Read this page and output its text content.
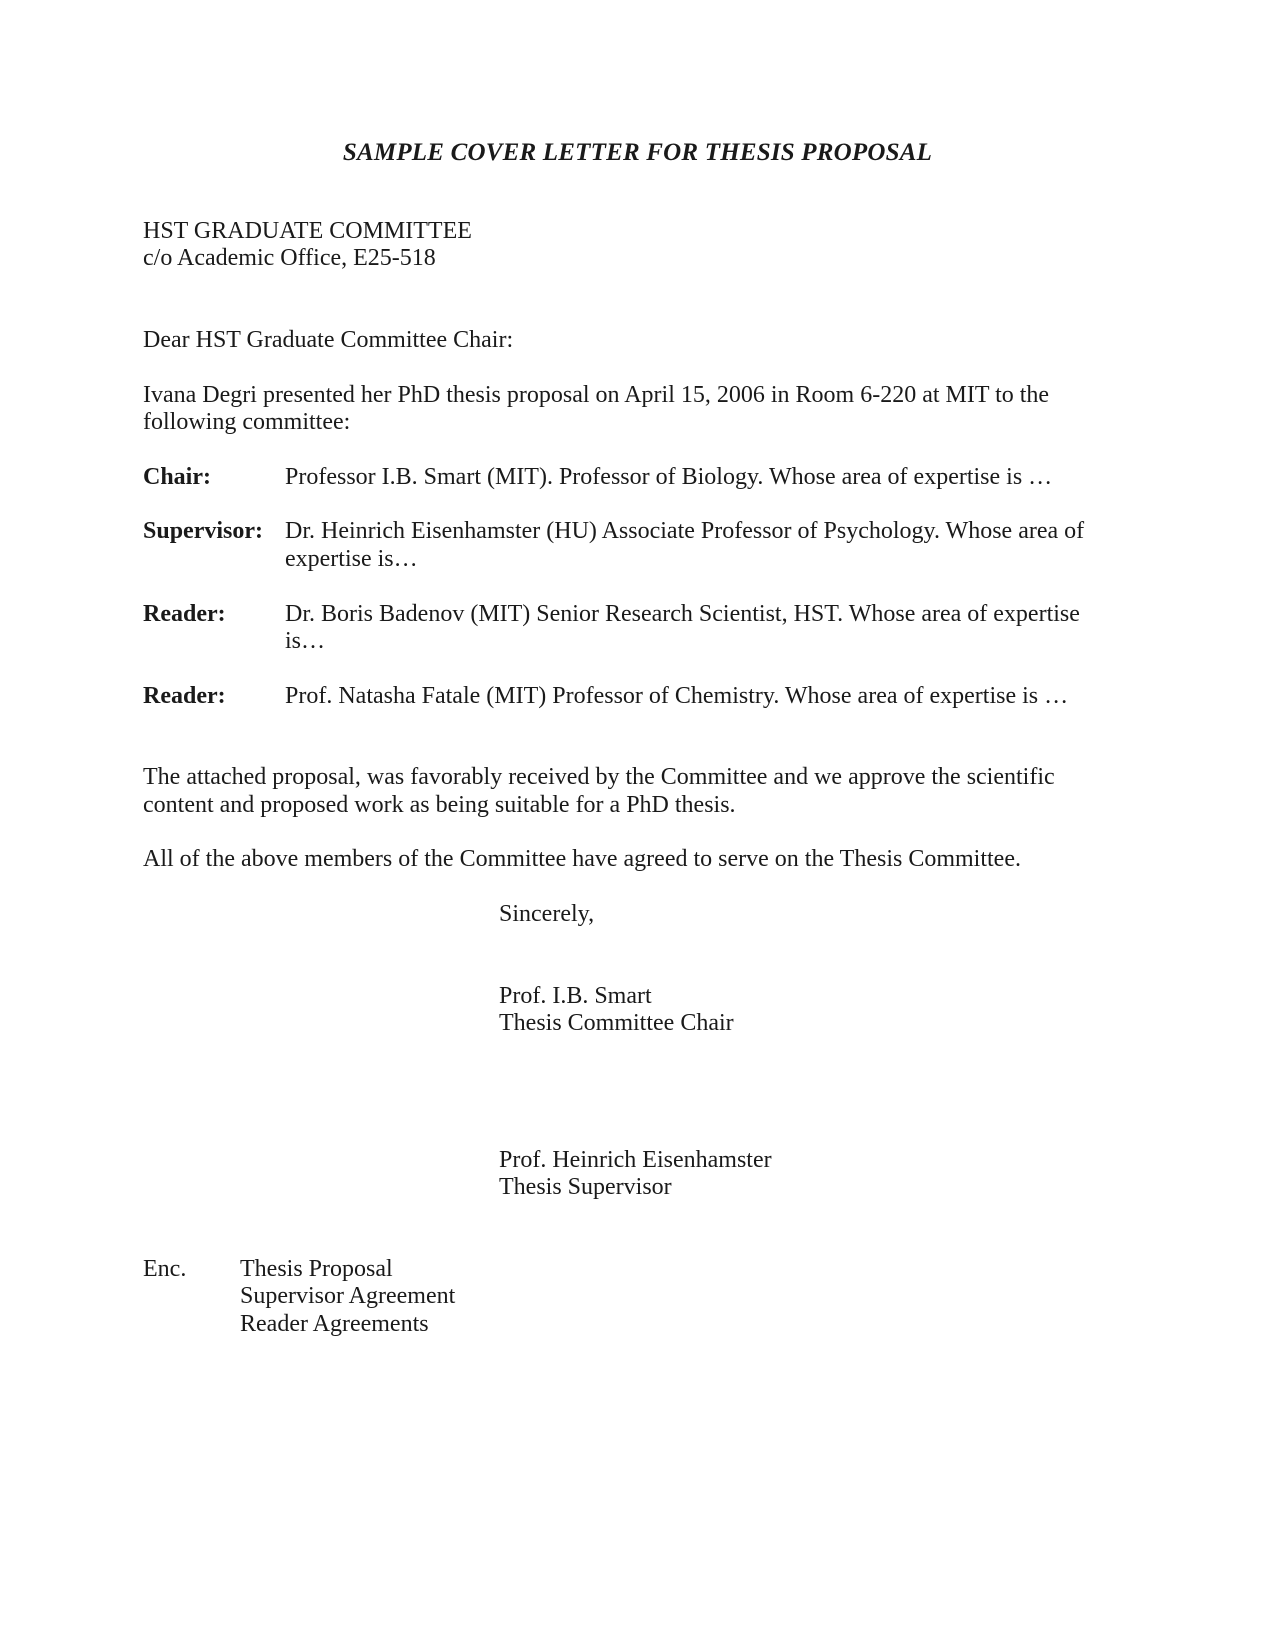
SAMPLE COVER LETTER FOR THESIS PROPOSAL
HST GRADUATE COMMITTEE
c/o Academic Office, E25-518
Dear HST Graduate Committee Chair:
Ivana Degri presented her PhD thesis proposal on April 15, 2006 in Room 6-220 at MIT to the
following committee:
Chair:	Professor I.B. Smart (MIT). Professor of Biology. Whose area of expertise is …
Supervisor: Dr. Heinrich Eisenhamster (HU) Associate Professor of Psychology. Whose area of
expertise is…
Reader: Dr. Boris Badenov (MIT) Senior Research Scientist, HST. Whose area of expertise
is…
Reader: Prof. Natasha Fatale (MIT) Professor of Chemistry. Whose area of expertise is …
The attached proposal, was favorably received by the Committee and we approve the scientific
content and proposed work as being suitable for a PhD thesis.
All of the above members of the Committee have agreed to serve on the Thesis Committee.
Sincerely,
Prof. I.B. Smart
Thesis Committee Chair
Prof. Heinrich Eisenhamster
Thesis Supervisor
Enc. Thesis Proposal
Supervisor Agreement
Reader Agreements
